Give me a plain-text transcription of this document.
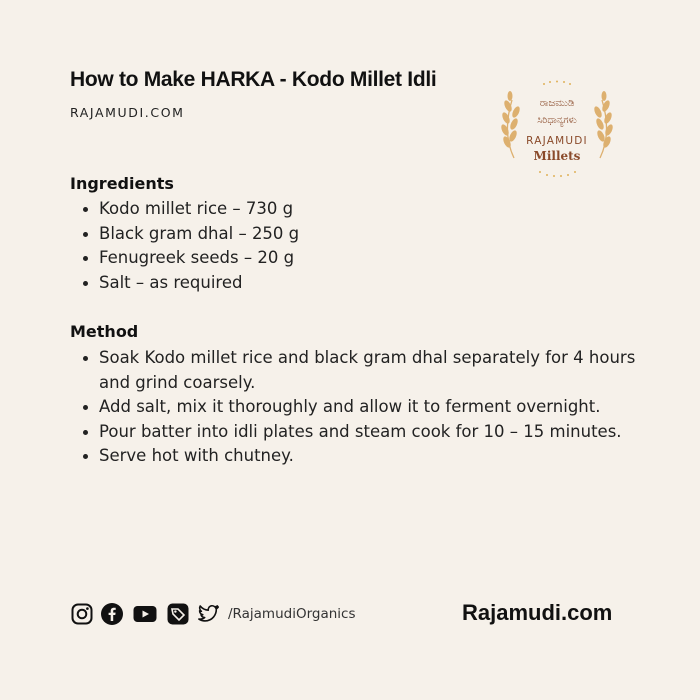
How to Make HARKA - Kodo Millet Idli
RAJAMUDI.COM
ರಾಜಮುಡಿ
ಸಿರಿಧಾನ್ಯಗಳು
RAJAMUDI
Millets
Ingredients
Kodo millet rice – 730 g
Black gram dhal – 250 g
Fenugreek seeds – 20 g
Salt – as required
Method
Soak Kodo millet rice and black gram dhal separately for 4 hours and grind coarsely.
Add salt, mix it thoroughly and allow it to ferment overnight.
Pour batter into idli plates and steam cook for 10 – 15 minutes.
Serve hot with chutney.
/RajamudiOrganics	Rajamudi.com
